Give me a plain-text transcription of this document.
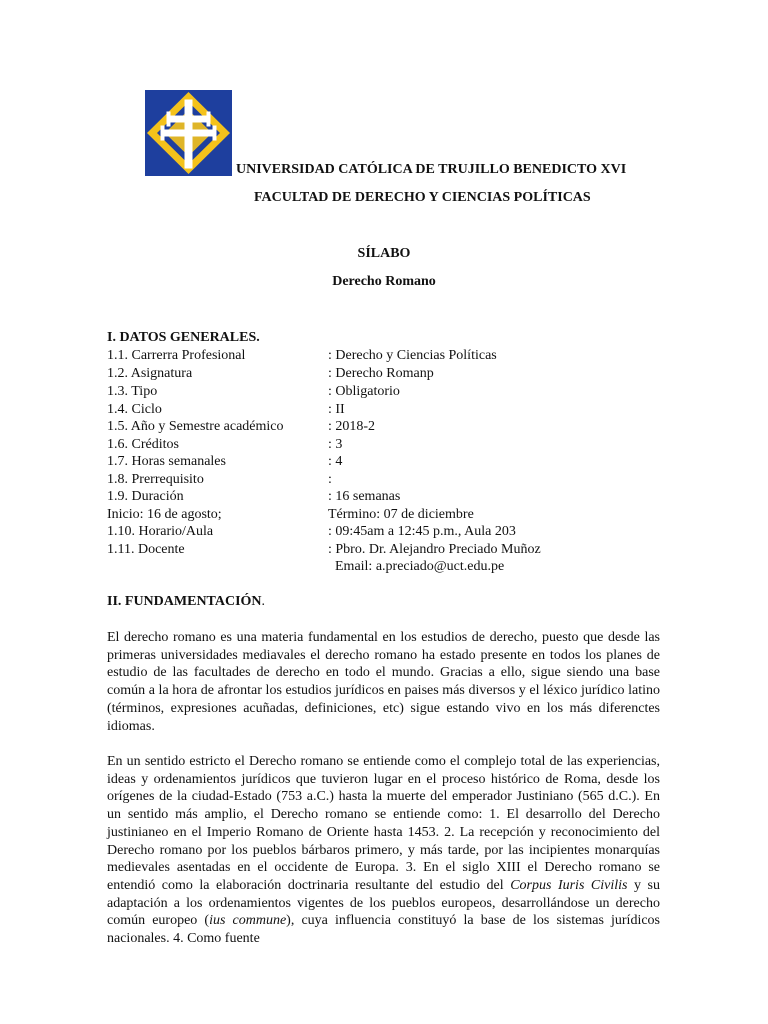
UNIVERSIDAD CATÓLICA DE TRUJILLO BENEDICTO XVI
FACULTAD DE DERECHO Y CIENCIAS POLÍTICAS
SÍLABO
Derecho Romano
I. DATOS GENERALES.
1.1. Carrerra Profesional	: Derecho y Ciencias Políticas
1.2. Asignatura	: Derecho Romanp
1.3. Tipo	: Obligatorio
1.4. Ciclo	: II
1.5. Año y Semestre académico	: 2018-2
1.6. Créditos	: 3
1.7. Horas semanales	: 4
1.8. Prerrequisito	:
1.9. Duración	: 16 semanas
Inicio: 16 de agosto;	Término: 07 de diciembre
1.10. Horario/Aula	: 09:45am a 12:45 p.m., Aula 203
1.11. Docente	: Pbro. Dr. Alejandro Preciado Muñoz
Email: a.preciado@uct.edu.pe
II. FUNDAMENTACIÓN.

El derecho romano es una materia fundamental en los estudios de derecho, puesto que desde las primeras universidades mediavales el derecho romano ha estado presente en todos los planes de estudio de las facultades de derecho en todo el mundo. Gracias a ello, sigue siendo una base común a la hora de afrontar los estudios jurídicos en paises más diversos y el léxico jurídico latino (términos, expresiones acuñadas, definiciones, etc) sigue estando vivo en los más diferenctes idiomas.

En un sentido estricto el Derecho romano se entiende como el complejo total de las experiencias, ideas y ordenamientos jurídicos que tuvieron lugar en el proceso histórico de Roma, desde los orígenes de la ciudad-Estado (753 a.C.) hasta la muerte del emperador Justiniano (565 d.C.). En un sentido más amplio, el Derecho romano se entiende como: 1. El desarrollo del Derecho justinianeo en el Imperio Romano de Oriente hasta 1453. 2. La recepción y reconocimiento del Derecho romano por los pueblos bárbaros primero, y más tarde, por las incipientes monarquías medievales asentadas en el occidente de Europa. 3. En el siglo XIII el Derecho romano se entendió como la elaboración doctrinaria resultante del estudio del Corpus Iuris Civilis y su adaptación a los ordenamientos vigentes de los pueblos europeos, desarrollándose un derecho común europeo (ius commune), cuya influencia constituyó la base de los sistemas jurídicos nacionales. 4. Como fuente
